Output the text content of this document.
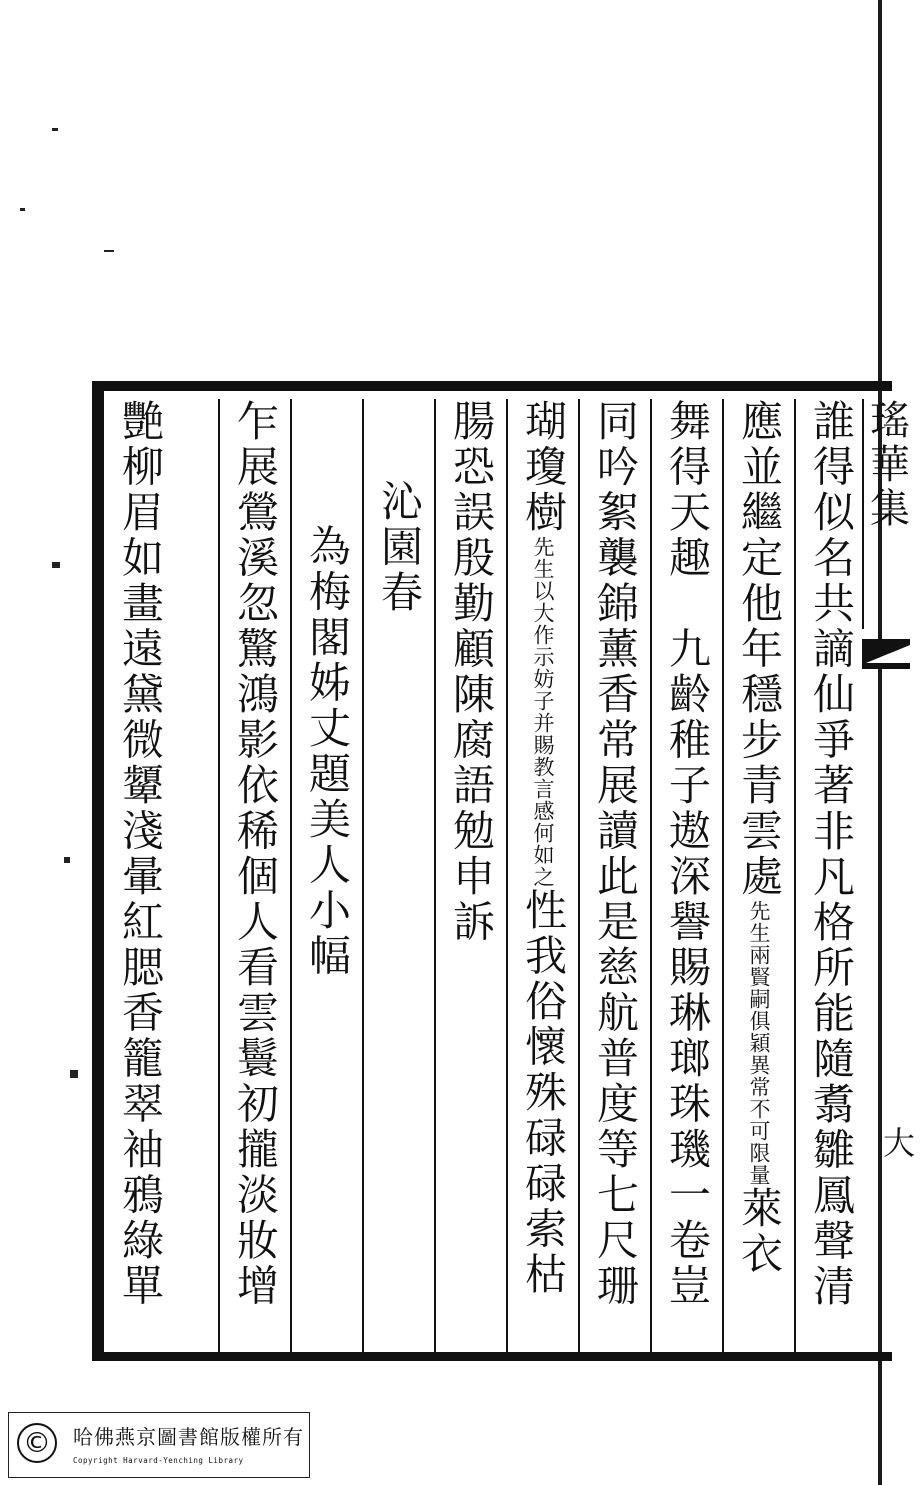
誰得似名共謫仙爭著
非凡格所能隨翥雛鳳聲清
應並繼定他年穩步青雲處
先生兩賢嗣俱穎異常不可限量
萊衣
舞得天趣　九齡稚子遨深譽賜琳瑯珠璣一卷豈
同吟絮襲錦薰香常展讀此是慈航普度等七尺珊
瑚瓊樹
先生以大作示妨子并賜教言感何如之
性我俗懷殊碌碌索枯
腸恐誤殷勤顧陳腐語勉申訴
沁園春
為梅閣姊丈題美人小幅
乍展鶯溪忽驚鴻影依稀個人看雲鬟初攏淡妝增
艷柳眉如畫遠黛微顰淺暈紅腮香籠翠袖鴉綠單	瑤華集
大
©	哈佛燕京圖書館版權所有
Copyright Harvard-Yenching Library
